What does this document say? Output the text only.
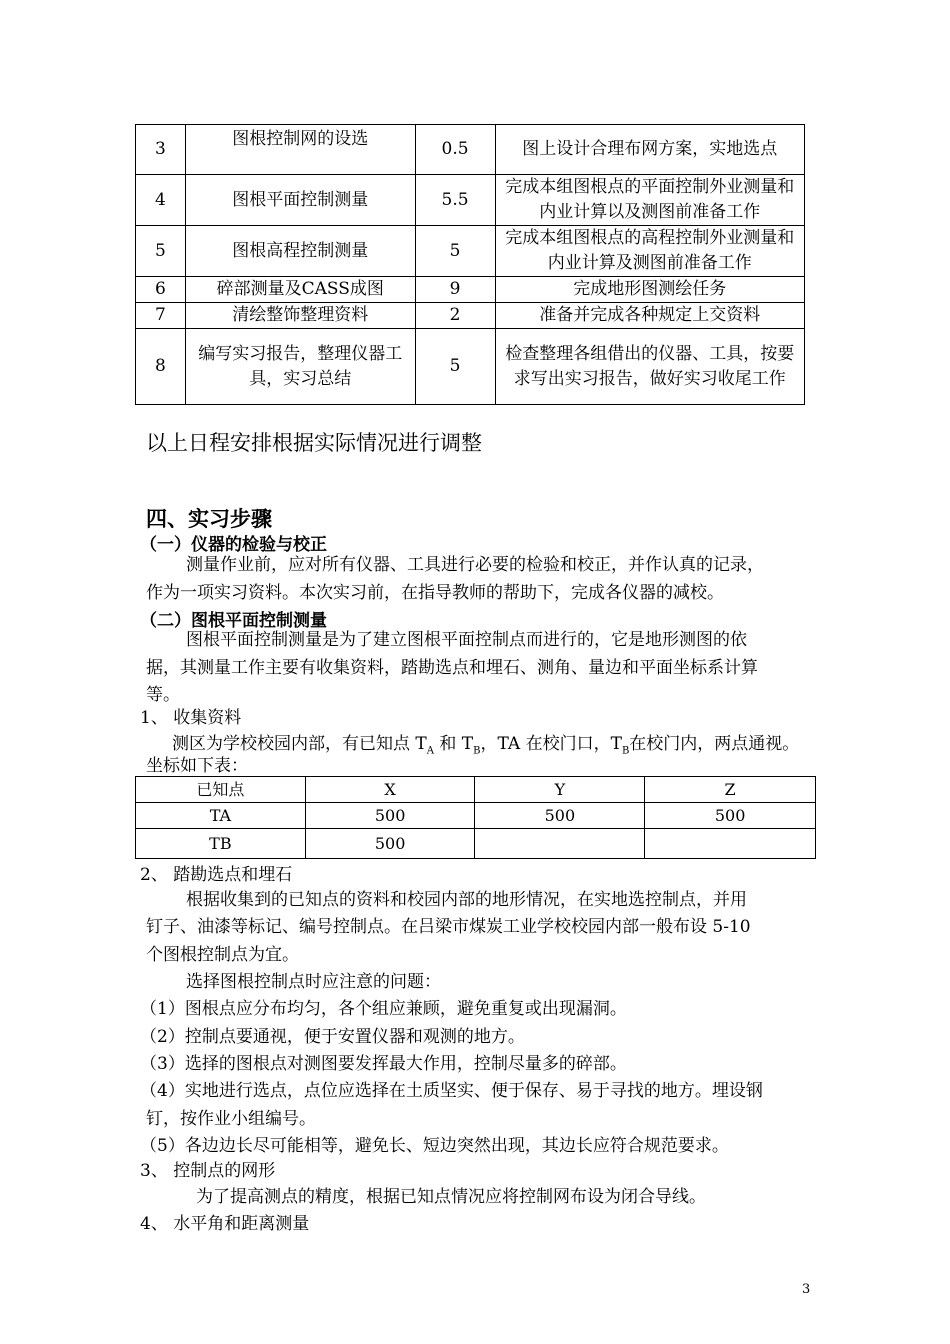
3	图根控制网的设选	0.5	图上设计合理布网方案，实地选点
4	图根平面控制测量	5.5	完成本组图根点的平面控制外业测量和内业计算以及测图前准备工作
5	图根高程控制测量	5	完成本组图根点的高程控制外业测量和内业计算及测图前准备工作
6	碎部测量及CASS成图	9	完成地形图测绘任务
7	清绘整饰整理资料	2	准备并完成各种规定上交资料
8	编写实习报告，整理仪器工具，实习总结	5	检查整理各组借出的仪器、工具，按要求写出实习报告，做好实习收尾工作
以上日程安排根据实际情况进行调整
四、实习步骤
（一）仪器的检验与校正
测量作业前，应对所有仪器、工具进行必要的检验和校正，并作认真的记录，
作为一项实习资料。本次实习前，在指导教师的帮助下，完成各仪器的减校。
（二）图根平面控制测量
图根平面控制测量是为了建立图根平面控制点而进行的，它是地形测图的依
据，其测量工作主要有收集资料，踏勘选点和埋石、测角、量边和平面坐标系计算
等。
1、 收集资料
测区为学校校园内部，有已知点 $T_A$ 和 $T_B$，TA 在校门口，$T_B$在校门内，两点通视。
坐标如下表：
已知点	X	Y	Z
TA	500	500	500
TB	500		
2、 踏勘选点和埋石
根据收集到的已知点的资料和校园内部的地形情况，在实地选控制点，并用
钉子、油漆等标记、编号控制点。在吕梁市煤炭工业学校校园内部一般布设 5-10
个图根控制点为宜。
选择图根控制点时应注意的问题：
（1）图根点应分布均匀，各个组应兼顾，避免重复或出现漏洞。
（2）控制点要通视，便于安置仪器和观测的地方。
（3）选择的图根点对测图要发挥最大作用，控制尽量多的碎部。
（4）实地进行选点，点位应选择在土质坚实、便于保存、易于寻找的地方。埋设钢
钉，按作业小组编号。
（5）各边边长尽可能相等，避免长、短边突然出现，其边长应符合规范要求。
3、 控制点的网形
为了提高测点的精度，根据已知点情况应将控制网布设为闭合导线。
4、 水平角和距离测量
3
